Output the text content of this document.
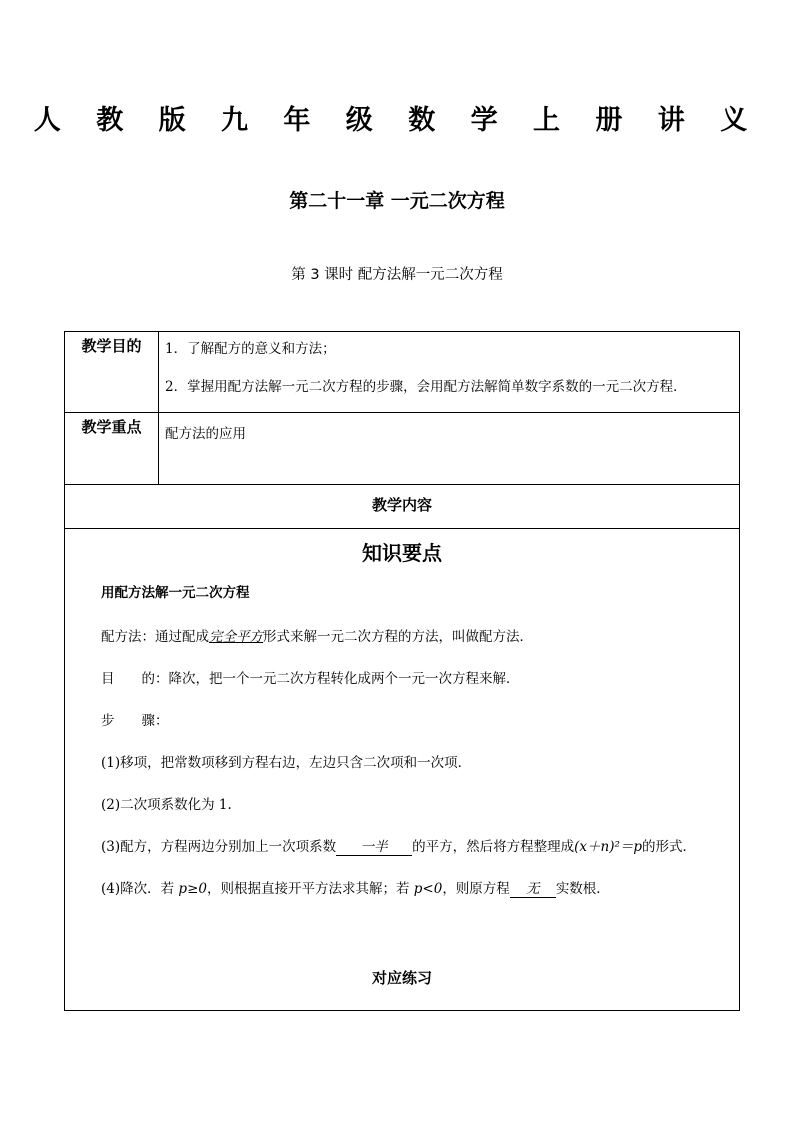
人 教 版 九 年 级 数 学 上 册 讲 义
第二十一章 一元二次方程
第 3 课时 配方法解一元二次方程
教学目的	1．了解配方的意义和方法；
2．掌握用配方法解一元二次方程的步骤，会用配方法解简单数字系数的一元二次方程．
教学重点	配方法的应用
教学内容
知识要点
用配方法解一元二次方程
配方法：通过配成完全平方形式来解一元二次方程的方法，叫做配方法．
目　　的：降次，把一个一元二次方程转化成两个一元一次方程来解．
步　　骤：
(1)移项，把常数项移到方程右边，左边只含二次项和一次项．
(2)二次项系数化为 1.
(3)配方，方程两边分别加上一次项系数 一半 的平方，然后将方程整理成(x＋n)²＝p的形式．
(4)降次．若 p≥0，则根据直接开平方法求其解；若 p<0，则原方程 无 实数根．
对应练习
